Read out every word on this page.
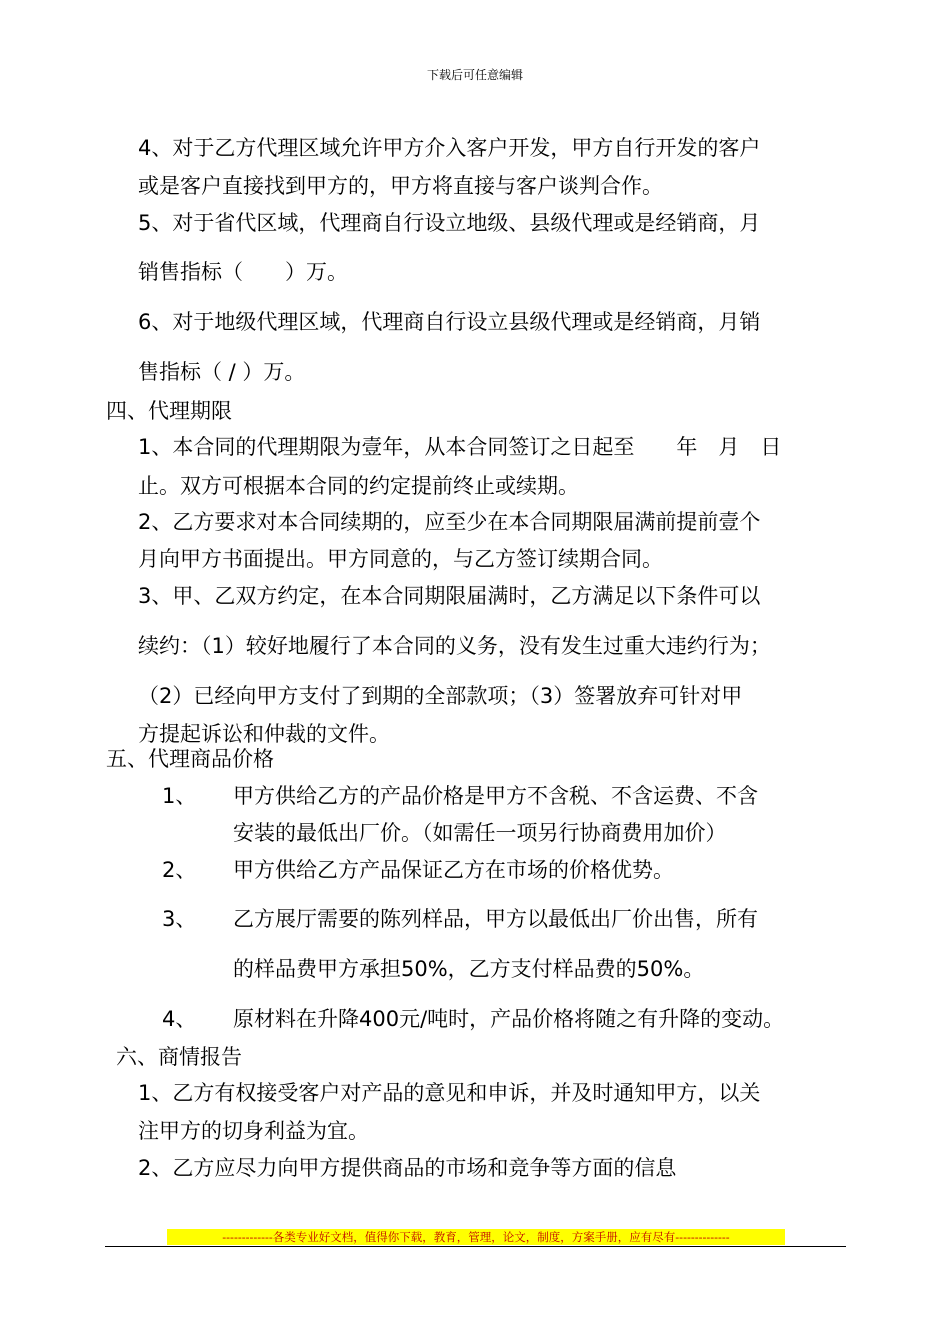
下载后可任意编辑
4、对于乙方代理区域允许甲方介入客户开发，甲方自行开发的客户
或是客户直接找到甲方的，甲方将直接与客户谈判合作。
5、对于省代区域，代理商自行设立地级、县级代理或是经销商，月
销售指标（　　）万。
6、对于地级代理区域，代理商自行设立县级代理或是经销商，月销
售指标（ / ）万。
四、代理期限
1、本合同的代理期限为壹年，从本合同签订之日起至　　年　月　日
止。双方可根据本合同的约定提前终止或续期。
2、乙方要求对本合同续期的，应至少在本合同期限届满前提前壹个
月向甲方书面提出。甲方同意的，与乙方签订续期合同。
3、甲、乙双方约定，在本合同期限届满时，乙方满足以下条件可以
续约：（1）较好地履行了本合同的义务，没有发生过重大违约行为；
（2）已经向甲方支付了到期的全部款项；（3）签署放弃可针对甲
方提起诉讼和仲裁的文件。
五、代理商品价格
1、 甲方供给乙方的产品价格是甲方不含税、不含运费、不含
安装的最低出厂价。（如需任一项另行协商费用加价）
2、 甲方供给乙方产品保证乙方在市场的价格优势。
3、 乙方展厅需要的陈列样品，甲方以最低出厂价出售，所有
的样品费甲方承担50%，乙方支付样品费的50%。
4、 原材料在升降400元/吨时，产品价格将随之有升降的变动。
六、商情报告
1、乙方有权接受客户对产品的意见和申诉，并及时通知甲方，以关
注甲方的切身利益为宜。
2、乙方应尽力向甲方提供商品的市场和竞争等方面的信息
-------------各类专业好文档，值得你下载，教育，管理，论文，制度，方案手册，应有尽有--------------
